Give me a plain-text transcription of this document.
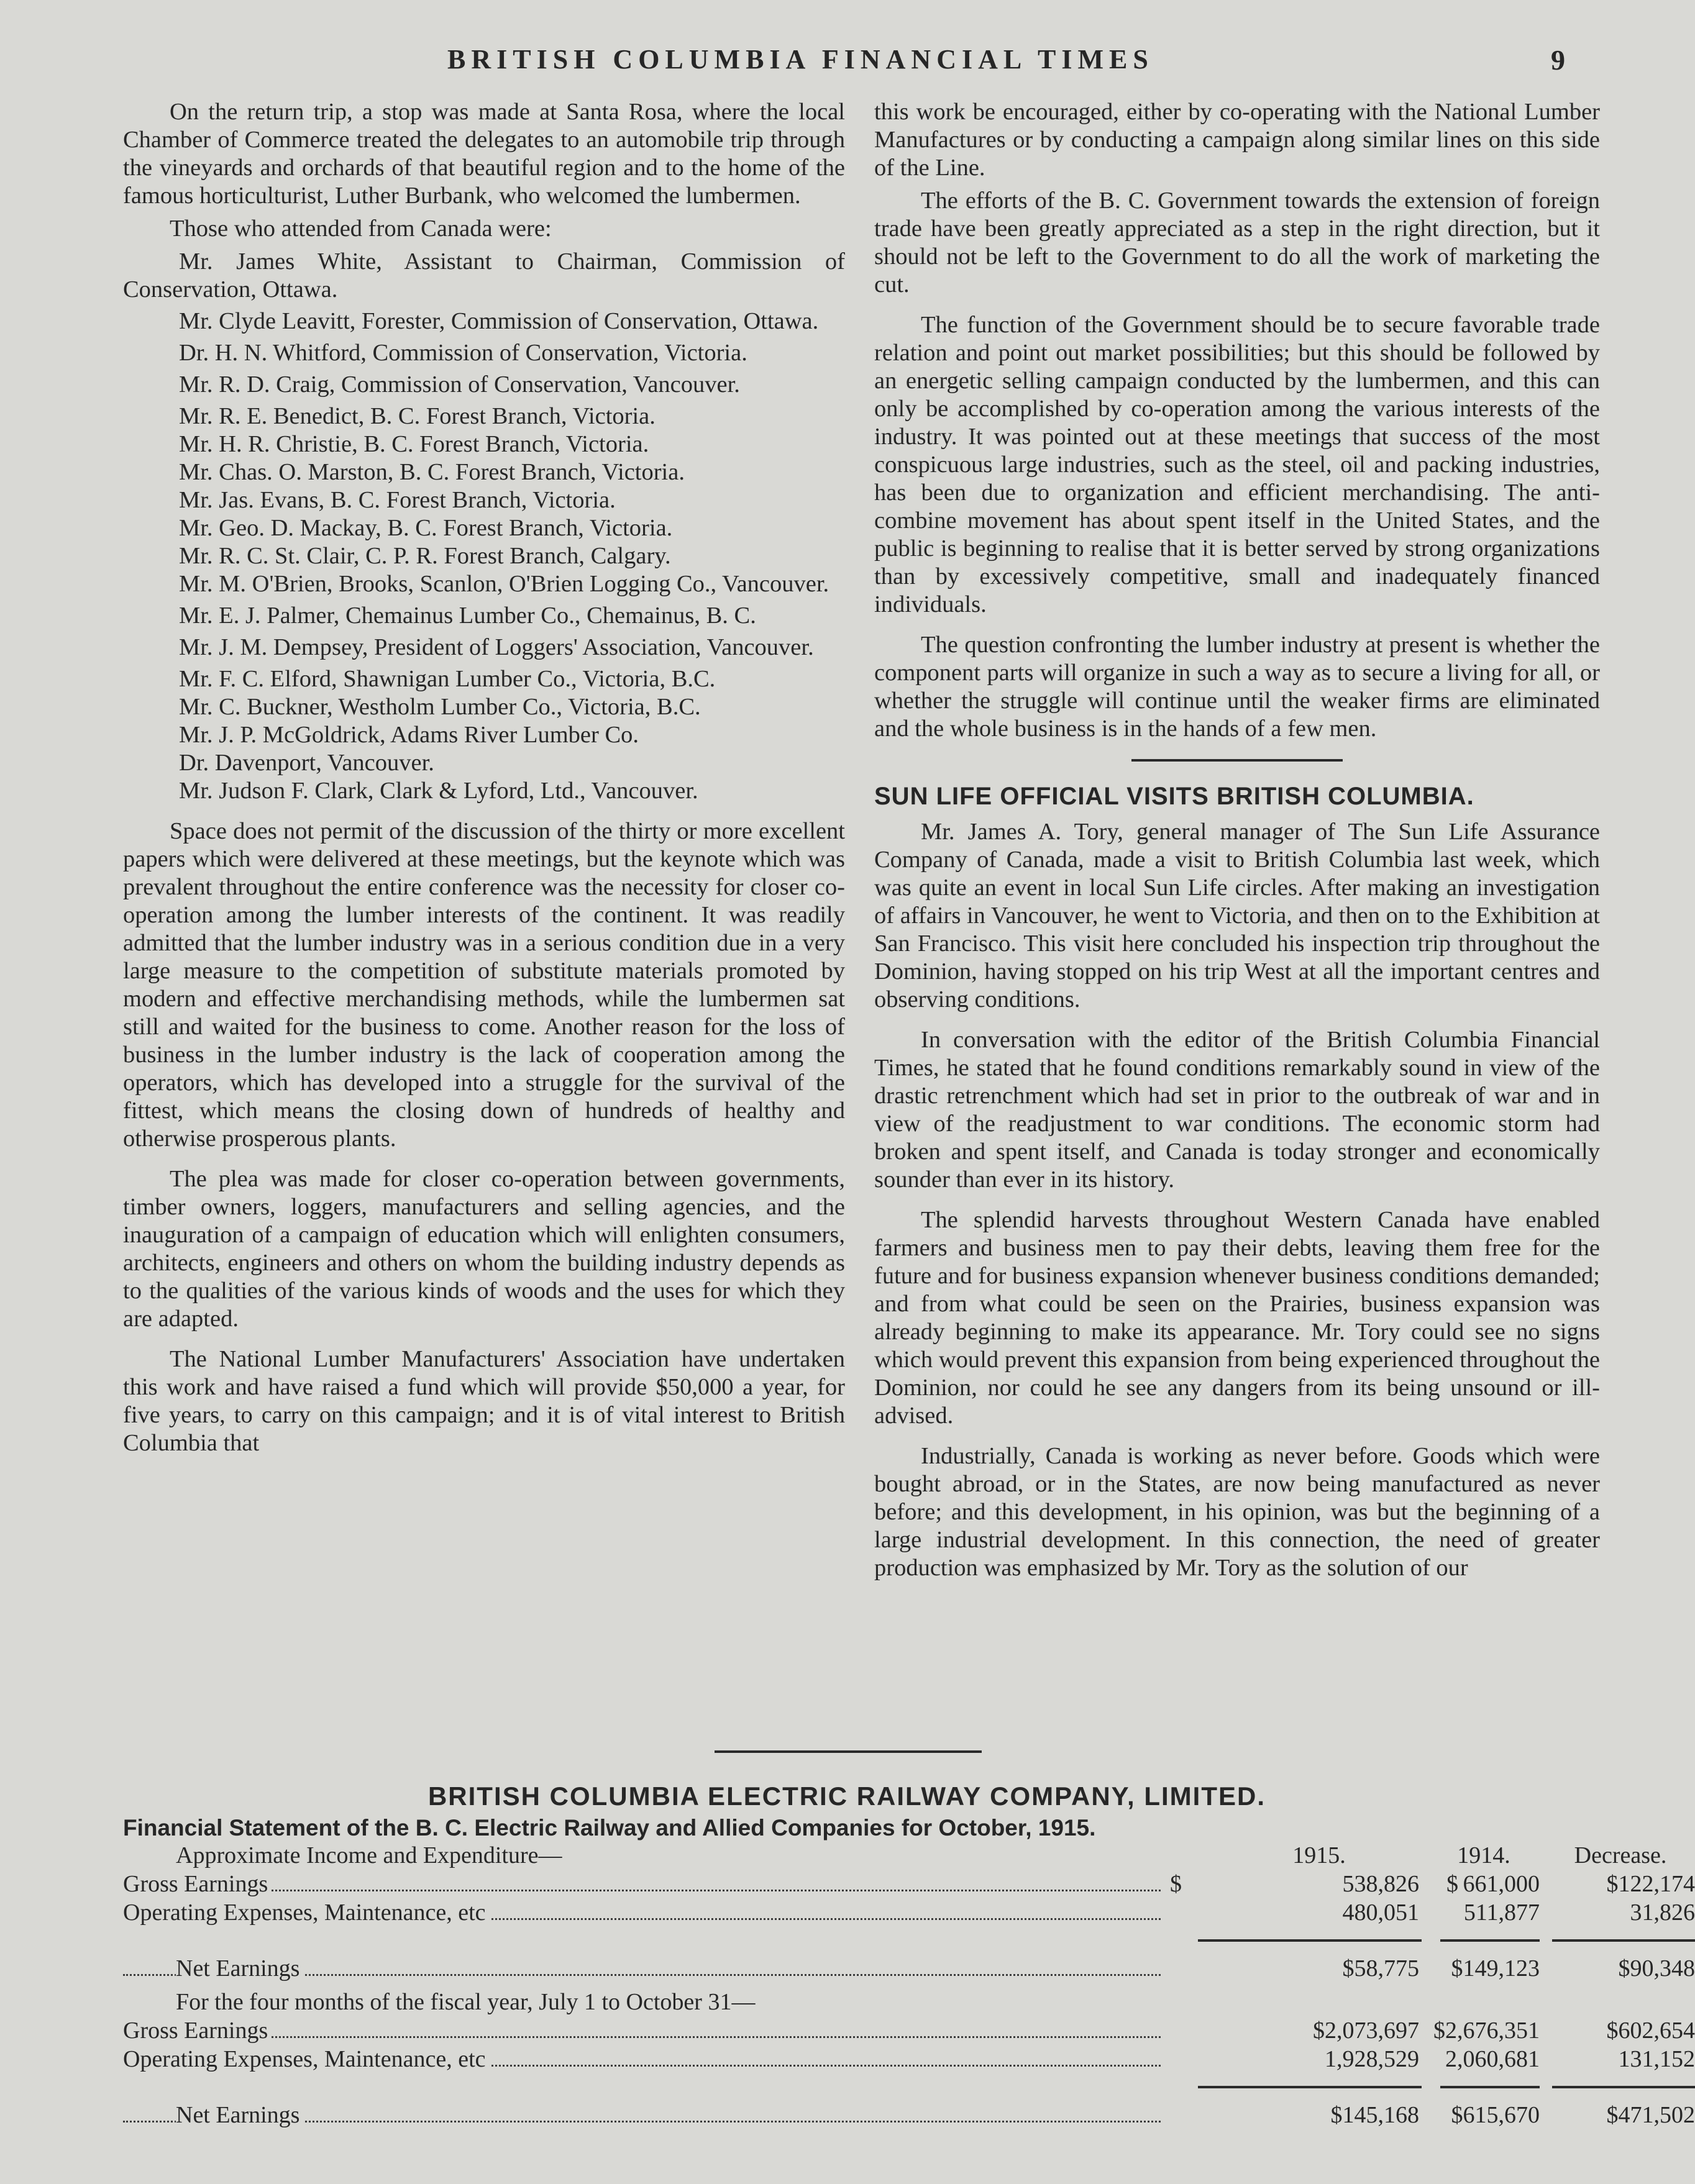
BRITISH COLUMBIA FINANCIAL TIMES	9

On the return trip, a stop was made at Santa Rosa, where the local Chamber of Commerce treated the delegates to an automobile trip through the vineyards and orchards of that beautiful region and to the home of the famous horticulturist, Luther Burbank, who welcomed the lumbermen.

Those who attended from Canada were:

Mr. James White, Assistant to Chairman, Commission of Conservation, Ottawa.

Mr. Clyde Leavitt, Forester, Commission of Conservation, Ottawa.

Dr. H. N. Whitford, Commission of Conservation, Victoria.

Mr. R. D. Craig, Commission of Conservation, Vancouver.

Mr. R. E. Benedict, B. C. Forest Branch, Victoria.

Mr. H. R. Christie, B. C. Forest Branch, Victoria.

Mr. Chas. O. Marston, B. C. Forest Branch, Victoria.

Mr. Jas. Evans, B. C. Forest Branch, Victoria.

Mr. Geo. D. Mackay, B. C. Forest Branch, Victoria.

Mr. R. C. St. Clair, C. P. R. Forest Branch, Calgary.

Mr. M. O'Brien, Brooks, Scanlon, O'Brien Logging Co., Vancouver.

Mr. E. J. Palmer, Chemainus Lumber Co., Chemainus, B. C.

Mr. J. M. Dempsey, President of Loggers' Association, Vancouver.

Mr. F. C. Elford, Shawnigan Lumber Co., Victoria, B.C.

Mr. C. Buckner, Westholm Lumber Co., Victoria, B.C.

Mr. J. P. McGoldrick, Adams River Lumber Co.

Dr. Davenport, Vancouver.

Mr. Judson F. Clark, Clark & Lyford, Ltd., Vancouver.

Space does not permit of the discussion of the thirty or more excellent papers which were delivered at these meetings, but the keynote which was prevalent throughout the entire conference was the necessity for closer co-operation among the lumber interests of the continent. It was readily admitted that the lumber industry was in a serious condition due in a very large measure to the competition of substitute materials promoted by modern and effective merchandising methods, while the lumbermen sat still and waited for the business to come. Another reason for the loss of business in the lumber industry is the lack of cooperation among the operators, which has developed into a struggle for the survival of the fittest, which means the closing down of hundreds of healthy and otherwise prosperous plants.

The plea was made for closer co-operation between governments, timber owners, loggers, manufacturers and selling agencies, and the inauguration of a campaign of education which will enlighten consumers, architects, engineers and others on whom the building industry depends as to the qualities of the various kinds of woods and the uses for which they are adapted.

The National Lumber Manufacturers' Association have undertaken this work and have raised a fund which will provide $50,000 a year, for five years, to carry on this campaign; and it is of vital interest to British Columbia that

this work be encouraged, either by co-operating with the National Lumber Manufactures or by conducting a campaign along similar lines on this side of the Line.

The efforts of the B. C. Government towards the extension of foreign trade have been greatly appreciated as a step in the right direction, but it should not be left to the Government to do all the work of marketing the cut.

The function of the Government should be to secure favorable trade relation and point out market possibilities; but this should be followed by an energetic selling campaign conducted by the lumbermen, and this can only be accomplished by co-operation among the various interests of the industry. It was pointed out at these meetings that success of the most conspicuous large industries, such as the steel, oil and packing industries, has been due to organization and efficient merchandising. The anti-combine movement has about spent itself in the United States, and the public is beginning to realise that it is better served by strong organizations than by excessively competitive, small and inadequately financed individuals.

The question confronting the lumber industry at present is whether the component parts will organize in such a way as to secure a living for all, or whether the struggle will continue until the weaker firms are eliminated and the whole business is in the hands of a few men.

SUN LIFE OFFICIAL VISITS BRITISH COLUMBIA.

Mr. James A. Tory, general manager of The Sun Life Assurance Company of Canada, made a visit to British Columbia last week, which was quite an event in local Sun Life circles. After making an investigation of affairs in Vancouver, he went to Victoria, and then on to the Exhibition at San Francisco. This visit here concluded his inspection trip throughout the Dominion, having stopped on his trip West at all the important centres and observing conditions.

In conversation with the editor of the British Columbia Financial Times, he stated that he found conditions remarkably sound in view of the drastic retrenchment which had set in prior to the outbreak of war and in view of the readjustment to war conditions. The economic storm had broken and spent itself, and Canada is today stronger and economically sounder than ever in its history.

The splendid harvests throughout Western Canada have enabled farmers and business men to pay their debts, leaving them free for the future and for business expansion whenever business conditions demanded; and from what could be seen on the Prairies, business expansion was already beginning to make its appearance. Mr. Tory could see no signs which would prevent this expansion from being experienced throughout the Dominion, nor could he see any dangers from its being unsound or ill-advised.

Industrially, Canada is working as never before. Goods which were bought abroad, or in the States, are now being manufactured as never before; and this development, in his opinion, was but the beginning of a large industrial development. In this connection, the need of greater production was emphasized by Mr. Tory as the solution of our

BRITISH COLUMBIA ELECTRIC RAILWAY COMPANY, LIMITED.
Financial Statement of the B. C. Electric Railway and Allied Companies for October, 1915.
Approximate Income and Expenditure—	1915.	1914.	Decrease.
Gross Earnings	$	538,826 $ 661,000	$122,174
Operating Expenses, Maintenance, etc	480,051	511,877	31,826
Net Earnings	$58,775	$149,123	$90,348
For the four months of the fiscal year, July 1 to October 31—
Gross Earnings	$2,073,697 $2,676,351	$602,654
Operating Expenses, Maintenance, etc	1,928,529	2,060,681	131,152
Net Earnings	$145,168	$615,670	$471,502
